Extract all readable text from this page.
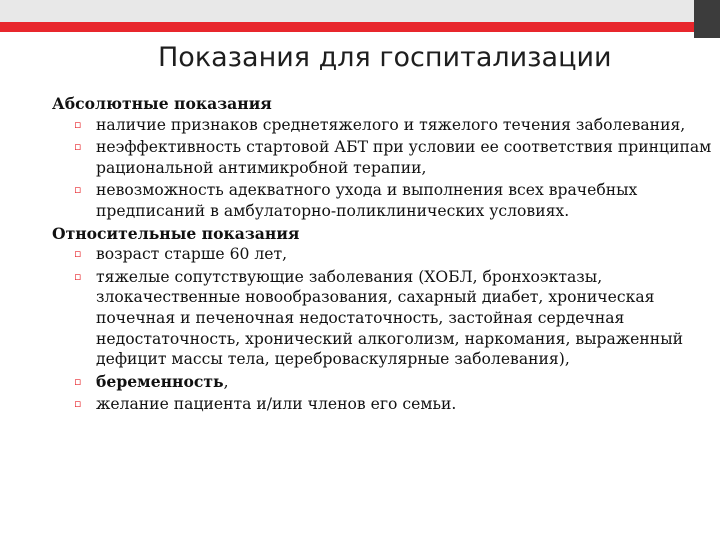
Показания для госпитализации
Абсолютные показания
▫ наличие признаков среднетяжелого и тяжелого течения заболевания,
▫ неэффективность стартовой АБТ при условии ее соответствия принципам рациональной антимикробной терапии,
▫ невозможность адекватного ухода и выполнения всех врачебных предписаний в амбулаторно-поликлинических условиях.
Относительные показания
▫ возраст старше 60 лет,
▫ тяжелые сопутствующие заболевания (ХОБЛ, бронхоэктазы, злокачественные новообразования, сахарный диабет, хроническая почечная и печеночная недостаточность, застойная сердечная недостаточность, хронический алкоголизм, наркомания, выраженный дефицит массы тела, цереброваскулярные заболевания),
▫ беременность,
▫ желание пациента и/или членов его семьи.
